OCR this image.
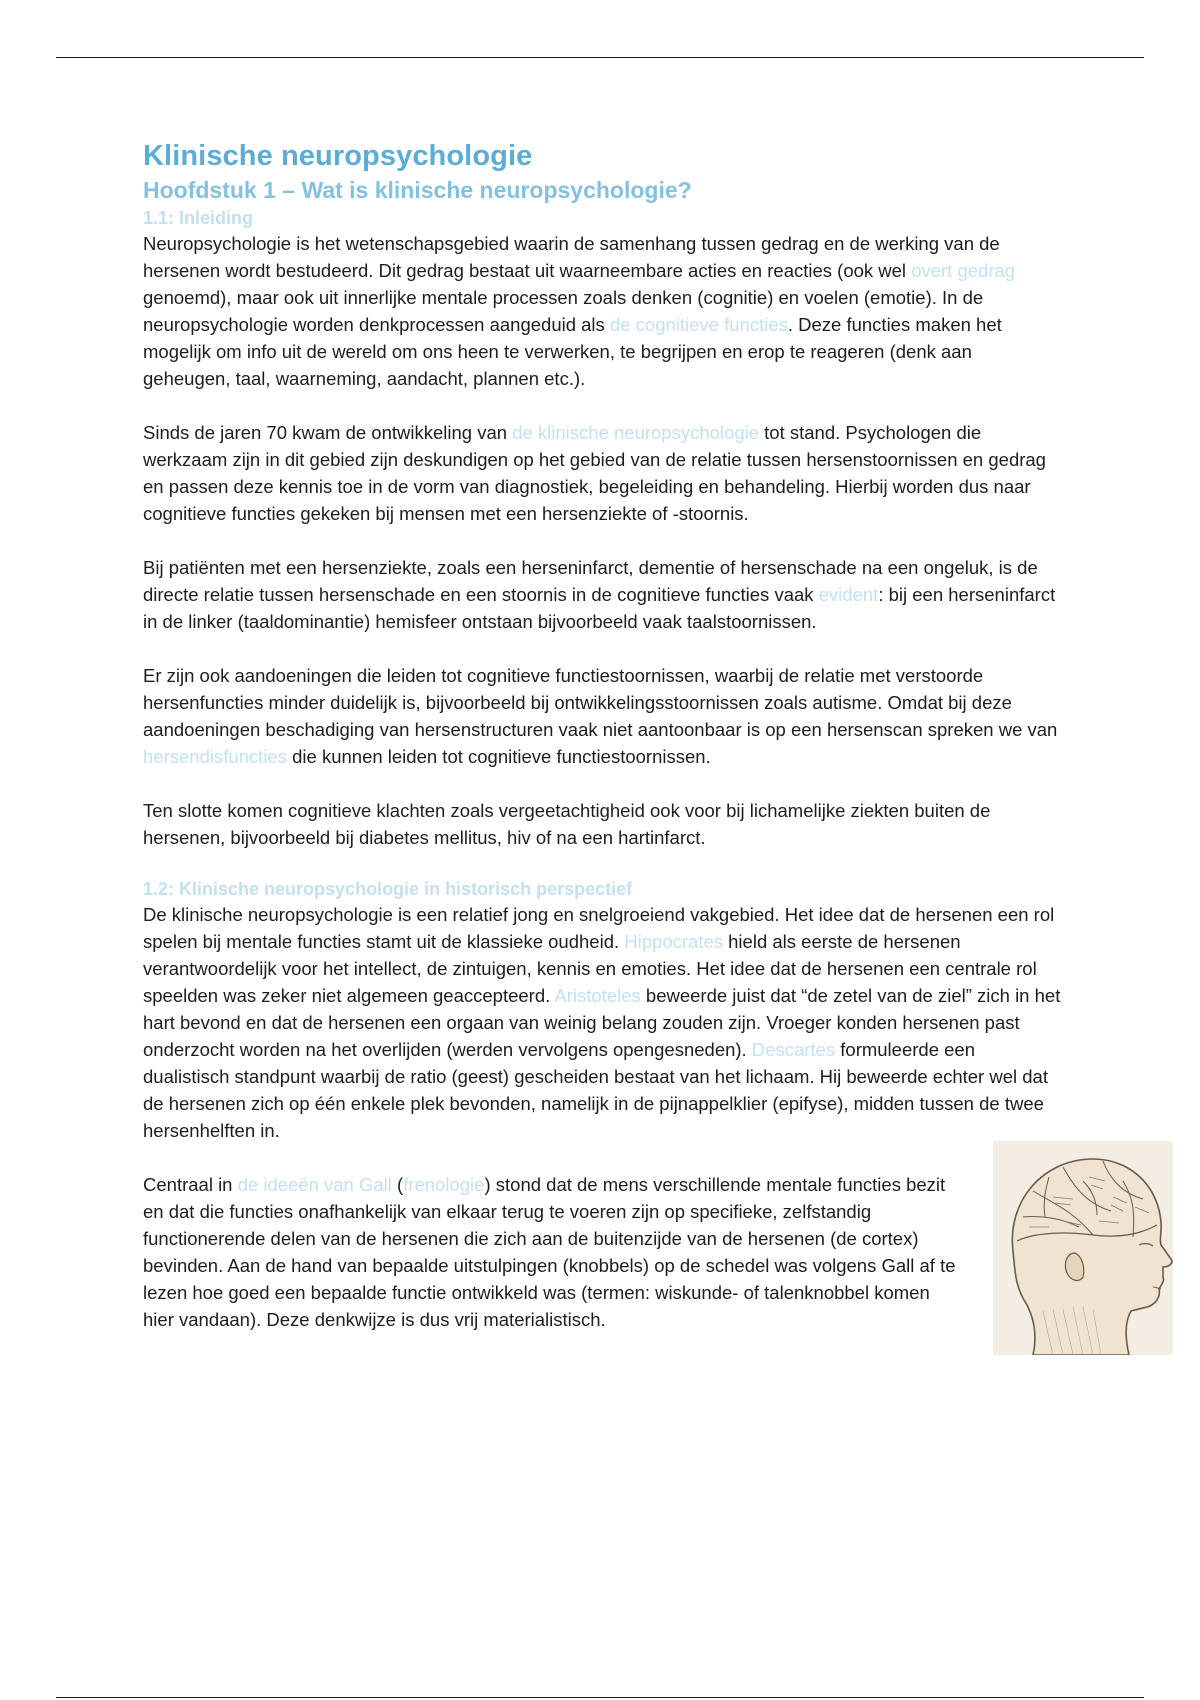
Klinische neuropsychologie
Hoofdstuk 1 – Wat is klinische neuropsychologie?
1.1: Inleiding

Neuropsychologie is het wetenschapsgebied waarin de samenhang tussen gedrag en de werking van de hersenen wordt bestudeerd. Dit gedrag bestaat uit waarneembare acties en reacties (ook wel overt gedrag genoemd), maar ook uit innerlijke mentale processen zoals denken (cognitie) en voelen (emotie). In de neuropsychologie worden denkprocessen aangeduid als de cognitieve functies. Deze functies maken het mogelijk om info uit de wereld om ons heen te verwerken, te begrijpen en erop te reageren (denk aan geheugen, taal, waarneming, aandacht, plannen etc.).

Sinds de jaren 70 kwam de ontwikkeling van de klinische neuropsychologie tot stand. Psychologen die werkzaam zijn in dit gebied zijn deskundigen op het gebied van de relatie tussen hersenstoornissen en gedrag en passen deze kennis toe in de vorm van diagnostiek, begeleiding en behandeling. Hierbij worden dus naar cognitieve functies gekeken bij mensen met een hersenziekte of -stoornis.

Bij patiënten met een hersenziekte, zoals een herseninfarct, dementie of hersenschade na een ongeluk, is de directe relatie tussen hersenschade en een stoornis in de cognitieve functies vaak evident: bij een herseninfarct in de linker (taaldominantie) hemisfeer ontstaan bijvoorbeeld vaak taalstoornissen.

Er zijn ook aandoeningen die leiden tot cognitieve functiestoornissen, waarbij de relatie met verstoorde hersenfuncties minder duidelijk is, bijvoorbeeld bij ontwikkelingsstoornissen zoals autisme. Omdat bij deze aandoeningen beschadiging van hersenstructuren vaak niet aantoonbaar is op een hersenscan spreken we van hersendisfuncties die kunnen leiden tot cognitieve functiestoornissen.

Ten slotte komen cognitieve klachten zoals vergeetachtigheid ook voor bij lichamelijke ziekten buiten de hersenen, bijvoorbeeld bij diabetes mellitus, hiv of na een hartinfarct.

1.2: Klinische neuropsychologie in historisch perspectief

De klinische neuropsychologie is een relatief jong en snelgroeiend vakgebied. Het idee dat de hersenen een rol spelen bij mentale functies stamt uit de klassieke oudheid. Hippocrates hield als eerste de hersenen verantwoordelijk voor het intellect, de zintuigen, kennis en emoties. Het idee dat de hersenen een centrale rol speelden was zeker niet algemeen geaccepteerd. Aristoteles beweerde juist dat “de zetel van de ziel” zich in het hart bevond en dat de hersenen een orgaan van weinig belang zouden zijn. Vroeger konden hersenen past onderzocht worden na het overlijden (werden vervolgens opengesneden). Descartes formuleerde een dualistisch standpunt waarbij de ratio (geest) gescheiden bestaat van het lichaam. Hij beweerde echter wel dat de hersenen zich op één enkele plek bevonden, namelijk in de pijnappelklier (epifyse), midden tussen de twee hersenhelften in.

Centraal in de ideeën van Gall (frenologie) stond dat de mens verschillende mentale functies bezit en dat die functies onafhankelijk van elkaar terug te voeren zijn op specifieke, zelfstandig functionerende delen van de hersenen die zich aan de buitenzijde van de hersenen (de cortex) bevinden. Aan de hand van bepaalde uitstulpingen (knobbels) op de schedel was volgens Gall af te lezen hoe goed een bepaalde functie ontwikkeld was (termen: wiskunde- of talenknobbel komen hier vandaan). Deze denkwijze is dus vrij materialistisch.
